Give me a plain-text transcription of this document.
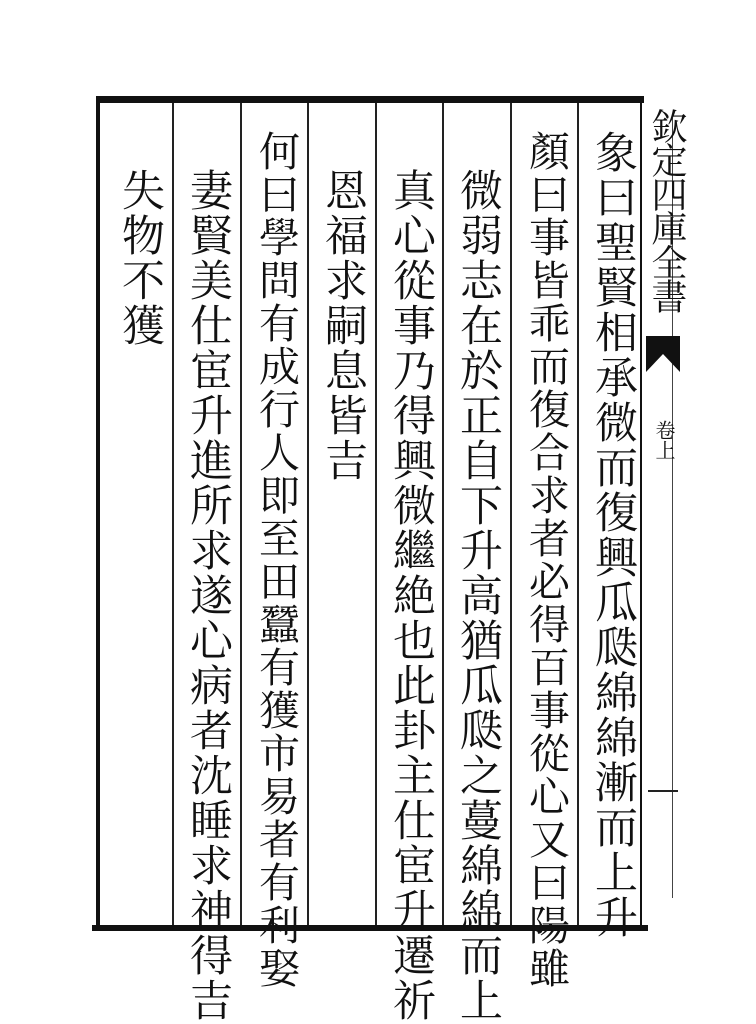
象曰聖賢相承微而復興瓜瓞綿綿漸而上升
顏曰事皆乖而復合求者必得百事從心又曰陽雖
微弱志在於正自下升高猶瓜瓞之蔓綿綿而上
真心從事乃得興微繼絶也此卦主仕宦升遷祈
恩福求嗣息皆吉
何曰學問有成行人即至田蠶有獲市易者有利娶
妻賢美仕宦升進所求遂心病者沈睡求神得吉
失物不獲	欽定四庫全書
卷上
